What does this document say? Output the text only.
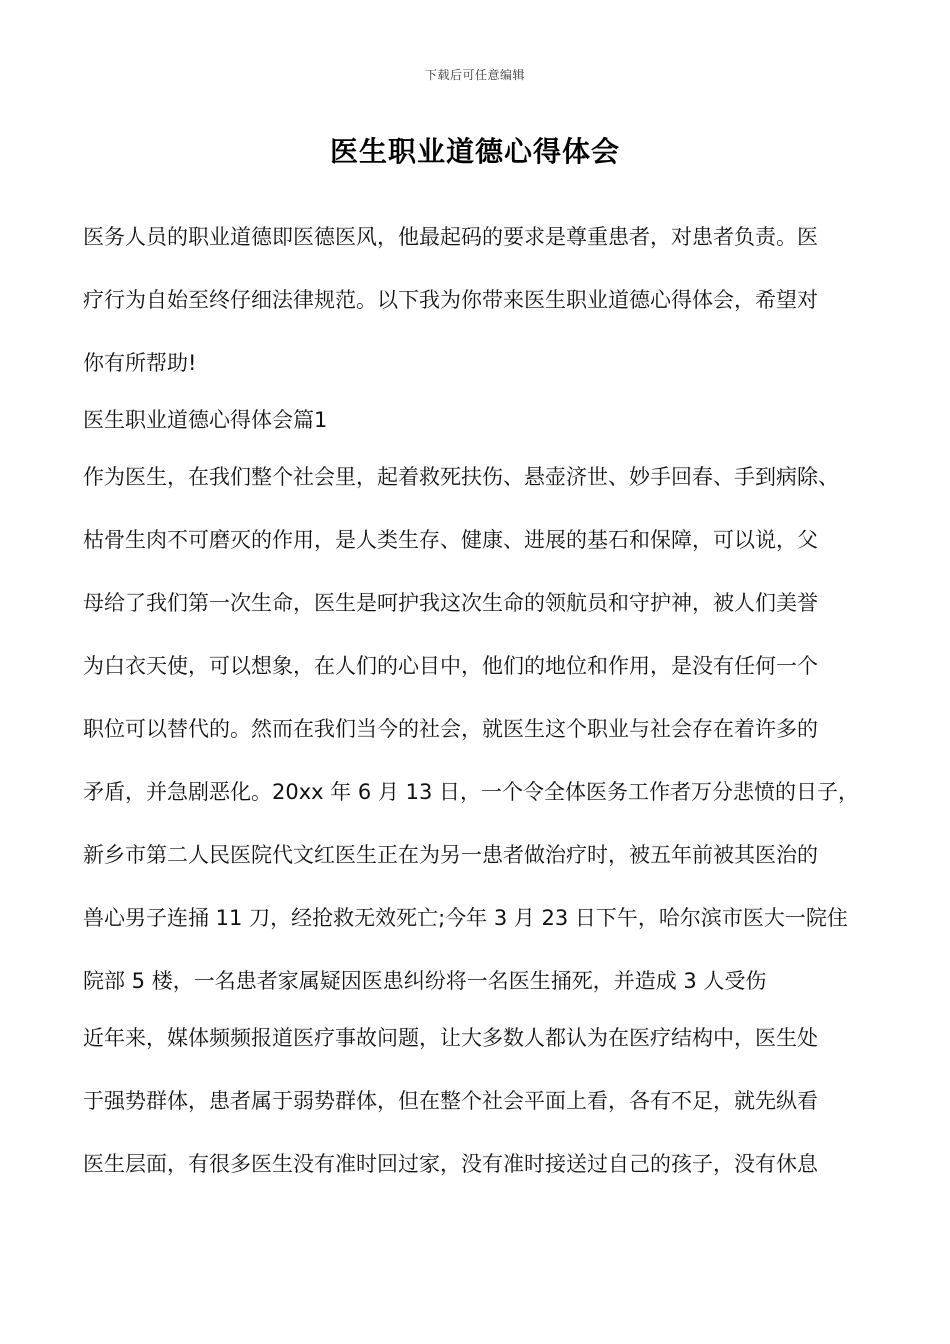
下载后可任意编辑
医生职业道德心得体会
医务人员的职业道德即医德医风，他最起码的要求是尊重患者，对患者负责。医
疗行为自始至终仔细法律规范。以下我为你带来医生职业道德心得体会，希望对
你有所帮助!
医生职业道德心得体会篇1
作为医生，在我们整个社会里，起着救死扶伤、悬壶济世、妙手回春、手到病除、
枯骨生肉不可磨灭的作用，是人类生存、健康、进展的基石和保障，可以说，父
母给了我们第一次生命，医生是呵护我这次生命的领航员和守护神，被人们美誉
为白衣天使，可以想象，在人们的心目中，他们的地位和作用，是没有任何一个
职位可以替代的。然而在我们当今的社会，就医生这个职业与社会存在着许多的
矛盾，并急剧恶化。20xx 年 6 月 13 日，一个令全体医务工作者万分悲愤的日子，
新乡市第二人民医院代文红医生正在为另一患者做治疗时，被五年前被其医治的
兽心男子连捅 11 刀，经抢救无效死亡;今年 3 月 23 日下午，哈尔滨市医大一院住
院部 5 楼，一名患者家属疑因医患纠纷将一名医生捅死，并造成 3 人受伤
近年来，媒体频频报道医疗事故问题，让大多数人都认为在医疗结构中，医生处
于强势群体，患者属于弱势群体，但在整个社会平面上看，各有不足，就先纵看
医生层面，有很多医生没有准时回过家，没有准时接送过自己的孩子，没有休息
